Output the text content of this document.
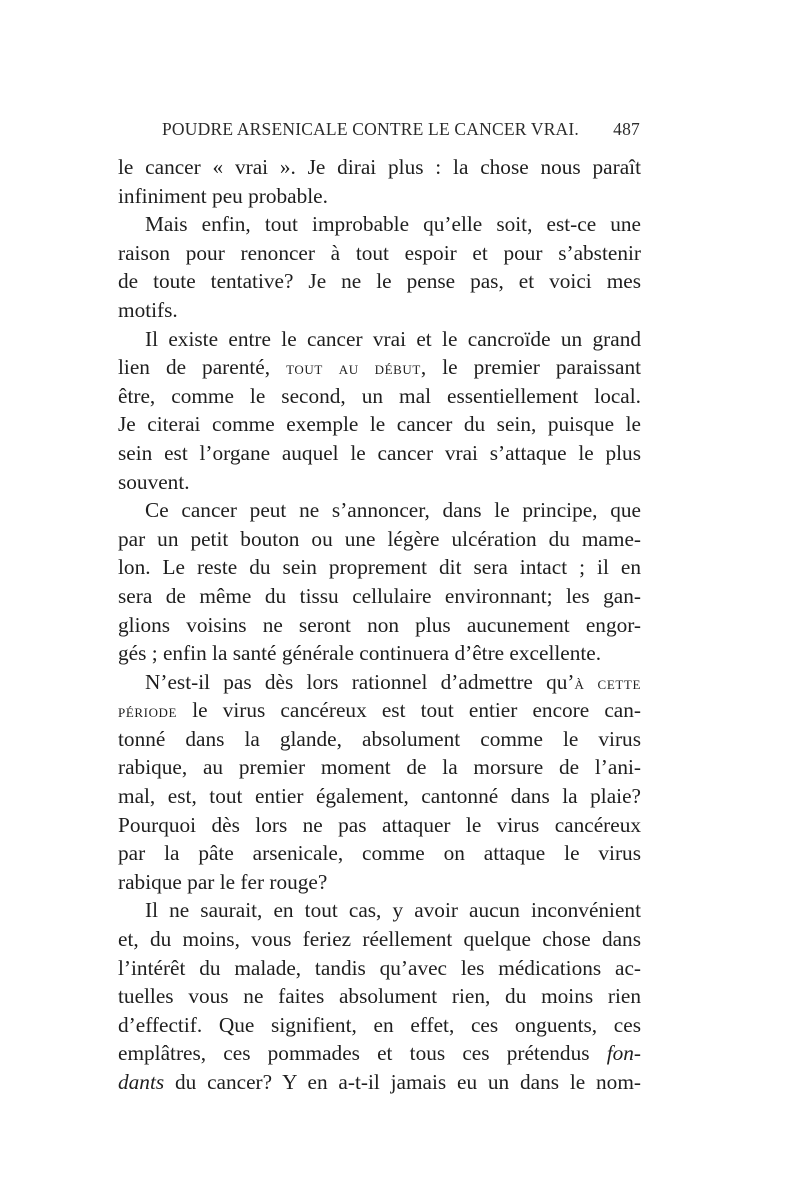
POUDRE ARSENICALE CONTRE LE CANCER VRAI. 487
le cancer « vrai ». Je dirai plus : la chose nous paraît
infiniment peu probable.
Mais enfin, tout improbable qu’elle soit, est-ce une
raison pour renoncer à tout espoir et pour s’abstenir
de toute tentative? Je ne le pense pas, et voici mes
motifs.
Il existe entre le cancer vrai et le cancroïde un grand
lien de parenté, tout au début, le premier paraissant
être, comme le second, un mal essentiellement local.
Je citerai comme exemple le cancer du sein, puisque le
sein est l’organe auquel le cancer vrai s’attaque le plus
souvent.
Ce cancer peut ne s’annoncer, dans le principe, que
par un petit bouton ou une légère ulcération du mame-
lon. Le reste du sein proprement dit sera intact ; il en
sera de même du tissu cellulaire environnant; les gan-
glions voisins ne seront non plus aucunement engor-
gés ; enfin la santé générale continuera d’être excellente.
N’est-il pas dès lors rationnel d’admettre qu’à cette
période le virus cancéreux est tout entier encore can-
tonné dans la glande, absolument comme le virus
rabique, au premier moment de la morsure de l’ani-
mal, est, tout entier également, cantonné dans la plaie?
Pourquoi dès lors ne pas attaquer le virus cancéreux
par la pâte arsenicale, comme on attaque le virus
rabique par le fer rouge?
Il ne saurait, en tout cas, y avoir aucun inconvénient
et, du moins, vous feriez réellement quelque chose dans
l’intérêt du malade, tandis qu’avec les médications ac-
tuelles vous ne faites absolument rien, du moins rien
d’effectif. Que signifient, en effet, ces onguents, ces
emplâtres, ces pommades et tous ces prétendus fon-
dants du cancer? Y en a-t-il jamais eu un dans le nom-
